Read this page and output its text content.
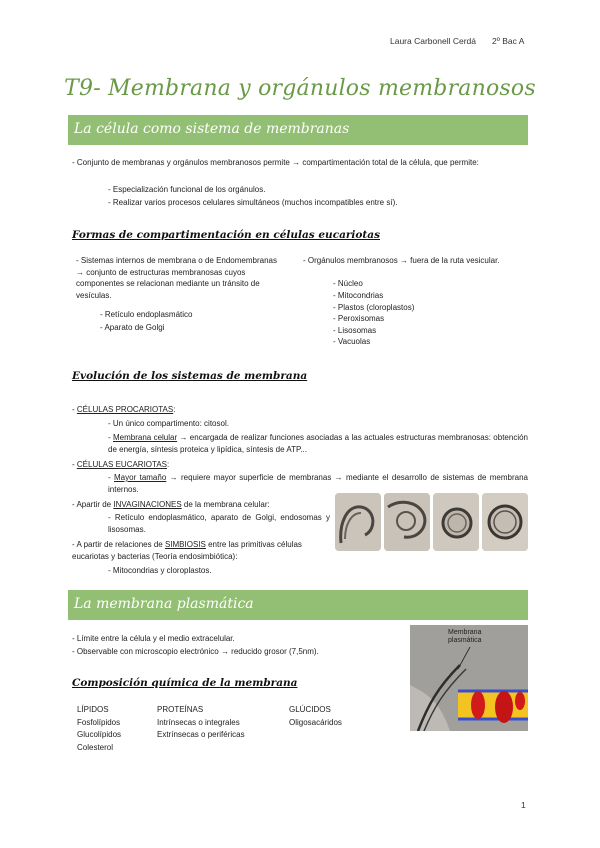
Laura Carbonell Cerdá 2º Bac A
T9- Membrana y orgánulos membranosos
La célula como sistema de membranas
- Conjunto de membranas y orgánulos membranosos permite → compartimentación total de la célula, que permite:
- Especialización funcional de los orgánulos.
- Realizar varios procesos celulares simultáneos (muchos incompatibles entre sí).
Formas de compartimentación en células eucariotas
- Sistemas internos de membrana o de Endomembranas → conjunto de estructuras membranosas cuyos componentes se relacionan mediante un tránsito de vesículas.
- Retículo endoplasmático
- Aparato de Golgi
- Orgánulos membranosos → fuera de la ruta vesicular.
- Núcleo
- Mitocondrias
- Plastos (cloroplastos)
- Peroxisomas
- Lisosomas
- Vacuolas
Evolución de los sistemas de membrana
- CÉLULAS PROCARIOTAS:
- Un único compartimento: citosol.
- Membrana celular → encargada de realizar funciones asociadas a las actuales estructuras membranosas: obtención de energía, síntesis proteica y lipídica, síntesis de ATP...
- CÉLULAS EUCARIOTAS:
- Mayor tamaño → requiere mayor superficie de membranas → mediante el desarrollo de sistemas de membrana internos.
- Apartir de INVAGINACIONES de la membrana celular:
- Retículo endoplasmático, aparato de Golgi, endosomas y lisosomas.
- A partir de relaciones de SIMBIOSIS entre las primitivas células eucariotas y bacterias (Teoría endosimbiótica):
- Mitocondrias y cloroplastos.
La membrana plasmática
- Límite entre la célula y el medio extracelular.
- Observable con microscopio electrónico → reducido grosor (7,5nm).
Membrana
plasmática
Composición química de la membrana
LÍPIDOS
Fosfolípidos
Glucolípidos
Colesterol
PROTEÍNAS
Intrínsecas o integrales
Extrínsecas o periféricas
GLÚCIDOS
Oligosacáridos
1
